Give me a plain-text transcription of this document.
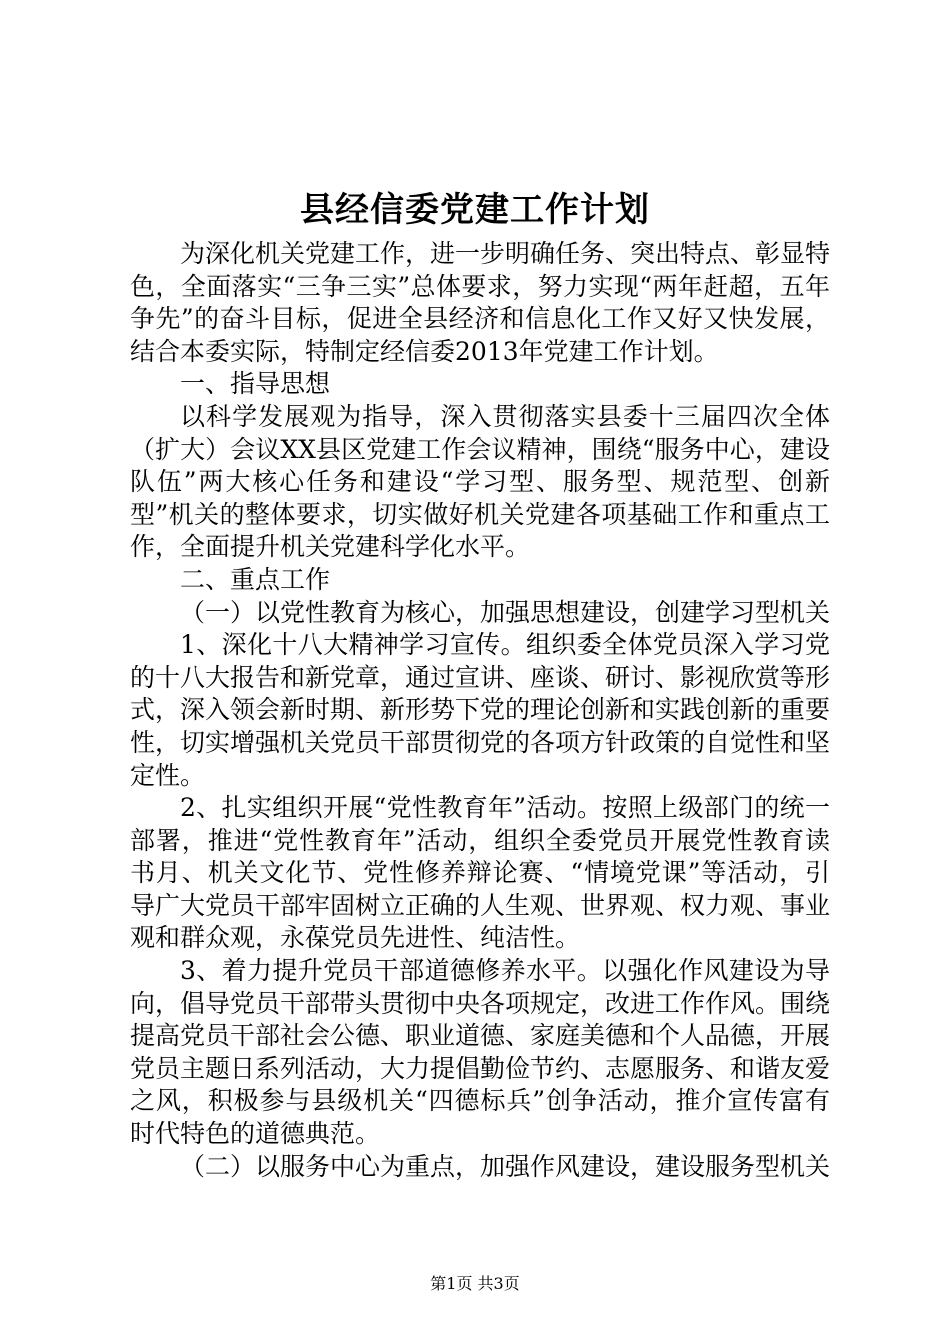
县经信委党建工作计划

为深化机关党建工作，进一步明确任务、突出特点、彰显特色，全面落实“三争三实”总体要求，努力实现“两年赶超，五年争先”的奋斗目标，促进全县经济和信息化工作又好又快发展，结合本委实际，特制定经信委2013年党建工作计划。

一、指导思想

以科学发展观为指导，深入贯彻落实县委十三届四次全体（扩大）会议XX县区党建工作会议精神，围绕“服务中心，建设队伍”两大核心任务和建设“学习型、服务型、规范型、创新型”机关的整体要求，切实做好机关党建各项基础工作和重点工作，全面提升机关党建科学化水平。

二、重点工作

（一）以党性教育为核心，加强思想建设，创建学习型机关

1、深化十八大精神学习宣传。组织委全体党员深入学习党的十八大报告和新党章，通过宣讲、座谈、研讨、影视欣赏等形式，深入领会新时期、新形势下党的理论创新和实践创新的重要性，切实增强机关党员干部贯彻党的各项方针政策的自觉性和坚定性。

2、扎实组织开展“党性教育年”活动。按照上级部门的统一部署，推进“党性教育年”活动，组织全委党员开展党性教育读书月、机关文化节、党性修养辩论赛、“情境党课”等活动，引导广大党员干部牢固树立正确的人生观、世界观、权力观、事业观和群众观，永葆党员先进性、纯洁性。

3、着力提升党员干部道德修养水平。以强化作风建设为导向，倡导党员干部带头贯彻中央各项规定，改进工作作风。围绕提高党员干部社会公德、职业道德、家庭美德和个人品德，开展党员主题日系列活动，大力提倡勤俭节约、志愿服务、和谐友爱之风，积极参与县级机关“四德标兵”创争活动，推介宣传富有时代特色的道德典范。

（二）以服务中心为重点，加强作风建设，建设服务型机关

第1页 共3页
